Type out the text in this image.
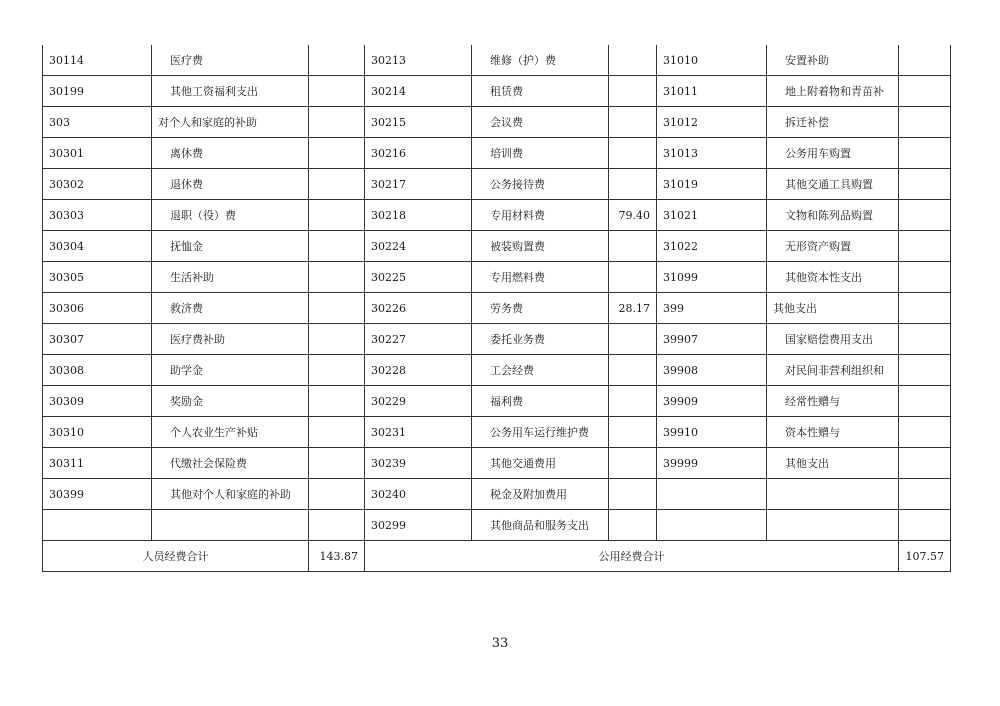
30114	医疗费		30213	维修（护）费		31010	安置补助	
30199	其他工资福利支出		30214	租赁费		31011	地上附着物和青苗补	
303	对个人和家庭的补助		30215	会议费		31012	拆迁补偿	
30301	离休费		30216	培训费		31013	公务用车购置	
30302	退休费		30217	公务接待费		31019	其他交通工具购置	
30303	退职（役）费		30218	专用材料费	79.40	31021	文物和陈列品购置	
30304	抚恤金		30224	被装购置费		31022	无形资产购置	
30305	生活补助		30225	专用燃料费		31099	其他资本性支出	
30306	救济费		30226	劳务费	28.17	399	其他支出	
30307	医疗费补助		30227	委托业务费		39907	国家赔偿费用支出	
30308	助学金		30228	工会经费		39908	对民间非营利组织和	
30309	奖励金		30229	福利费		39909	经常性赠与	
30310	个人农业生产补贴		30231	公务用车运行维护费		39910	资本性赠与	
30311	代缴社会保险费		30239	其他交通费用		39999	其他支出	
30399	其他对个人和家庭的补助		30240	税金及附加费用				
			30299	其他商品和服务支出				
人员经费合计		143.87	公用经费合计					107.57
33
